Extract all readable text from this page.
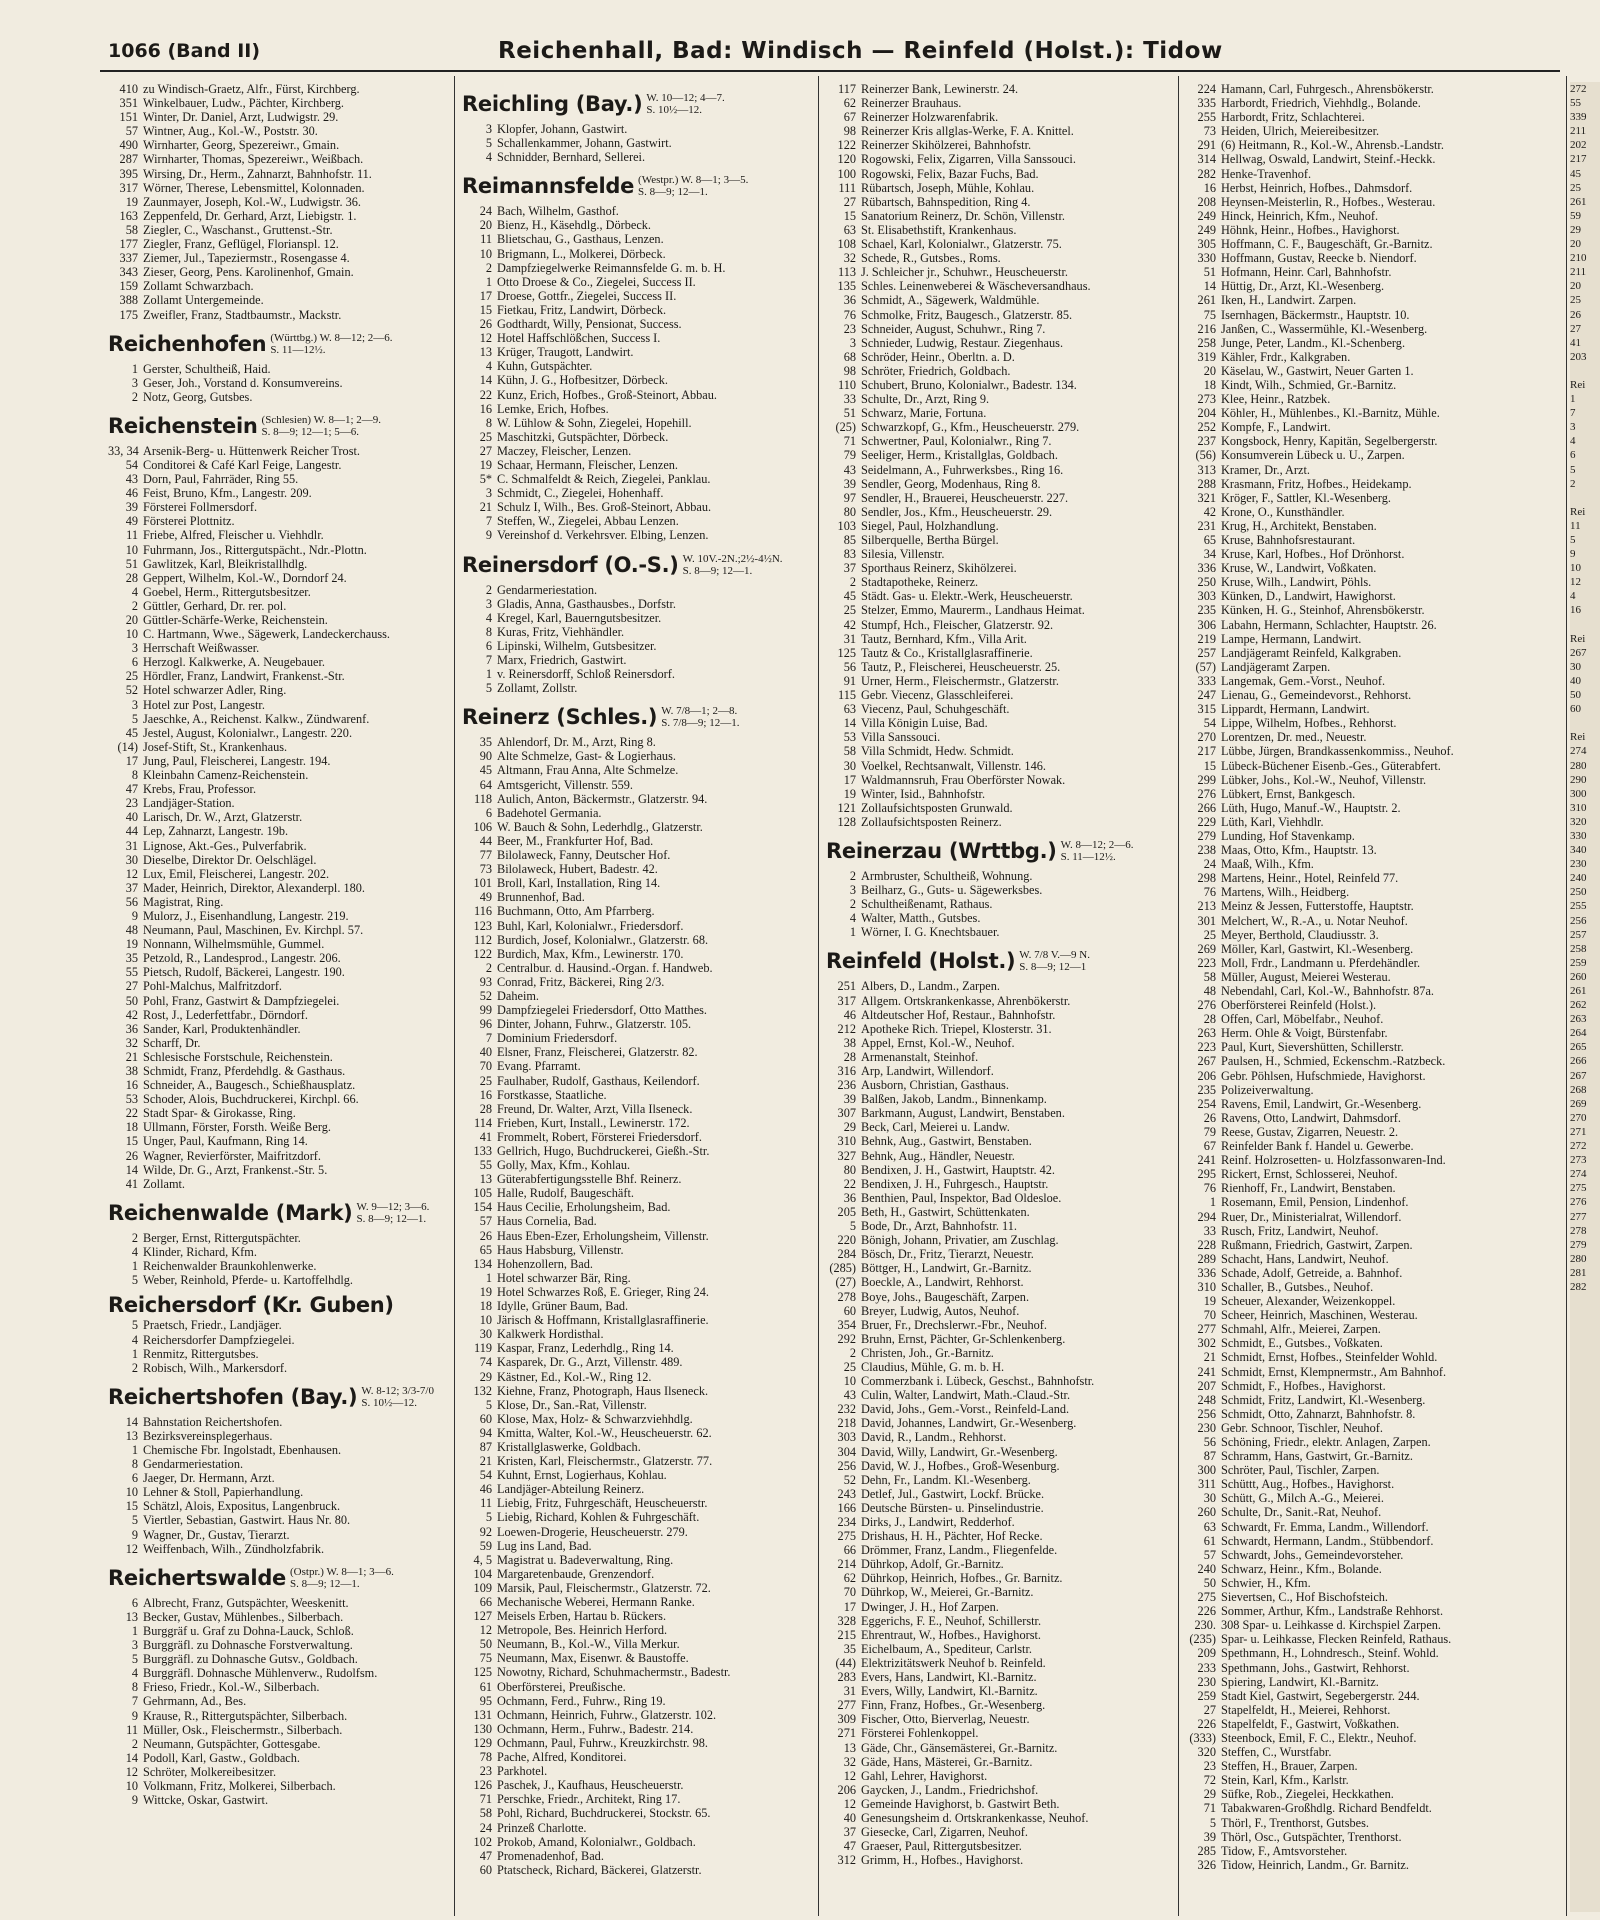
1066 (Band II)	Reichenhall, Bad: Windisch — Reinfeld (Holst.): Tidow
410 zu Windisch-Graetz, Alfr., Fürst, Kirchberg.
351 Winkelbauer, Ludw., Pächter, Kirchberg.
151 Winter, Dr. Daniel, Arzt, Ludwigstr. 29.
57 Wintner, Aug., Kol.-W., Poststr. 30.
490 Wirnharter, Georg, Spezereiwr., Gmain.
287 Wirnharter, Thomas, Spezereiwr., Weißbach.
395 Wirsing, Dr., Herm., Zahnarzt, Bahnhofstr. 11.
317 Wörner, Therese, Lebensmittel, Kolonnaden.
19 Zaunmayer, Joseph, Kol.-W., Ludwigstr. 36.
163 Zeppenfeld, Dr. Gerhard, Arzt, Liebigstr. 1.
58 Ziegler, C., Waschanst., Gruttenst.-Str.
177 Ziegler, Franz, Geflügel, Florianspl. 12.
337 Ziemer, Jul., Tapeziermstr., Rosengasse 4.
343 Zieser, Georg, Pens. Karolinenhof, Gmain.
159 Zollamt Schwarzbach.
388 Zollamt Untergemeinde.
175 Zweifler, Franz, Stadtbaumstr., Mackstr.
Reichenhofen (Württbg.) W. 8—12; 2—6.
S. 11—12½.
1 Gerster, Schultheiß, Haid.
3 Geser, Joh., Vorstand d. Konsumvereins.
2 Notz, Georg, Gutsbes.
Reichenstein (Schlesien) W. 8—1; 2—9.
S. 8—9; 12—1; 5—6.
33, 34 Arsenik-Berg- u. Hüttenwerk Reicher Trost.
54 Conditorei & Café Karl Feige, Langestr.
43 Dorn, Paul, Fahrräder, Ring 55.
46 Feist, Bruno, Kfm., Langestr. 209.
39 Försterei Follmersdorf.
49 Försterei Plottnitz.
11 Friebe, Alfred, Fleischer u. Viehhdlr.
10 Fuhrmann, Jos., Rittergutspächt., Ndr.-Plottn.
51 Gawlitzek, Karl, Bleikristallhdlg.
28 Geppert, Wilhelm, Kol.-W., Dorndorf 24.
4 Goebel, Herm., Rittergutsbesitzer.
2 Güttler, Gerhard, Dr. rer. pol.
20 Güttler-Schärfe-Werke, Reichenstein.
10 C. Hartmann, Wwe., Sägewerk, Landeckerchauss.
3 Herrschaft Weißwasser.
6 Herzogl. Kalkwerke, A. Neugebauer.
25 Hördler, Franz, Landwirt, Frankenst.-Str.
52 Hotel schwarzer Adler, Ring.
3 Hotel zur Post, Langestr.
5 Jaeschke, A., Reichenst. Kalkw., Zündwarenf.
45 Jestel, August, Kolonialwr., Langestr. 220.
(14) Josef-Stift, St., Krankenhaus.
17 Jung, Paul, Fleischerei, Langestr. 194.
8 Kleinbahn Camenz-Reichenstein.
47 Krebs, Frau, Professor.
23 Landjäger-Station.
40 Larisch, Dr. W., Arzt, Glatzerstr.
44 Lep, Zahnarzt, Langestr. 19b.
31 Lignose, Akt.-Ges., Pulverfabrik.
30 Dieselbe, Direktor Dr. Oelschlägel.
12 Lux, Emil, Fleischerei, Langestr. 202.
37 Mader, Heinrich, Direktor, Alexanderpl. 180.
56 Magistrat, Ring.
9 Mulorz, J., Eisenhandlung, Langestr. 219.
48 Neumann, Paul, Maschinen, Ev. Kirchpl. 57.
19 Nonnann, Wilhelmsmühle, Gummel.
35 Petzold, R., Landesprod., Langestr. 206.
55 Pietsch, Rudolf, Bäckerei, Langestr. 190.
27 Pohl-Malchus, Malfritzdorf.
50 Pohl, Franz, Gastwirt & Dampfziegelei.
42 Rost, J., Lederfettfabr., Dörndorf.
36 Sander, Karl, Produktenhändler.
32 Scharff, Dr.
21 Schlesische Forstschule, Reichenstein.
38 Schmidt, Franz, Pferdehdlg. & Gasthaus.
16 Schneider, A., Baugesch., Schießhausplatz.
53 Schoder, Alois, Buchdruckerei, Kirchpl. 66.
22 Stadt Spar- & Girokasse, Ring.
18 Ullmann, Förster, Forsth. Weiße Berg.
15 Unger, Paul, Kaufmann, Ring 14.
26 Wagner, Revierförster, Maifritzdorf.
14 Wilde, Dr. G., Arzt, Frankenst.-Str. 5.
41 Zollamt.
Reichenwalde (Mark) W. 9—12; 3—6.
S. 8—9; 12—1.
2 Berger, Ernst, Rittergutspächter.
4 Klinder, Richard, Kfm.
1 Reichenwalder Braunkohlenwerke.
5 Weber, Reinhold, Pferde- u. Kartoffelhdlg.
Reichersdorf (Kr. Guben)

5 Praetsch, Friedr., Landjäger.
4 Reichersdorfer Dampfziegelei.
1 Renmitz, Rittergutsbes.
2 Robisch, Wilh., Markersdorf.
Reichertshofen (Bay.) W. 8-12; 3/3-7/0
S. 10½—12.
14 Bahnstation Reichertshofen.
13 Bezirksvereinsplegerhaus.
1 Chemische Fbr. Ingolstadt, Ebenhausen.
8 Gendarmeriestation.
6 Jaeger, Dr. Hermann, Arzt.
10 Lehner & Stoll, Papierhandlung.
15 Schätzl, Alois, Expositus, Langenbruck.
5 Viertler, Sebastian, Gastwirt. Haus Nr. 80.
9 Wagner, Dr., Gustav, Tierarzt.
12 Weiffenbach, Wilh., Zündholzfabrik.
Reichertswalde (Ostpr.) W. 8—1; 3—6.
S. 8—9; 12—1.
6 Albrecht, Franz, Gutspächter, Weeskenitt.
13 Becker, Gustav, Mühlenbes., Silberbach.
1 Burggräf u. Graf zu Dohna-Lauck, Schloß.
3 Burggräfl. zu Dohnasche Forstverwaltung.
5 Burggräfl. zu Dohnasche Gutsv., Goldbach.
4 Burggräfl. Dohnasche Mühlenverw., Rudolfsm.
8 Frieso, Friedr., Kol.-W., Silberbach.
7 Gehrmann, Ad., Bes.
9 Krause, R., Rittergutspächter, Silberbach.
11 Müller, Osk., Fleischermstr., Silberbach.
2 Neumann, Gutspächter, Gottesgabe.
14 Podoll, Karl, Gastw., Goldbach.
12 Schröter, Molkereibesitzer.
10 Volkmann, Fritz, Molkerei, Silberbach.
9 Wittcke, Oskar, Gastwirt.
Reichling (Bay.) W. 10—12; 4—7.
S. 10½—12.
3 Klopfer, Johann, Gastwirt.
5 Schallenkammer, Johann, Gastwirt.
4 Schnidder, Bernhard, Sellerei.
Reimannsfelde (Westpr.) W. 8—1; 3—5.
S. 8—9; 12—1.
24 Bach, Wilhelm, Gasthof.
20 Bienz, H., Käsehdlg., Dörbeck.
11 Blietschau, G., Gasthaus, Lenzen.
10 Brigmann, L., Molkerei, Dörbeck.
2 Dampfziegelwerke Reimannsfelde G. m. b. H.
1 Otto Droese & Co., Ziegelei, Success II.
17 Droese, Gottfr., Ziegelei, Success II.
15 Fietkau, Fritz, Landwirt, Dörbeck.
26 Godthardt, Willy, Pensionat, Success.
12 Hotel Haffschlößchen, Success I.
13 Krüger, Traugott, Landwirt.
4 Kuhn, Gutspächter.
14 Kühn, J. G., Hofbesitzer, Dörbeck.
22 Kunz, Erich, Hofbes., Groß-Steinort, Abbau.
16 Lemke, Erich, Hofbes.
8 W. Lühlow & Sohn, Ziegelei, Hopehill.
25 Maschitzki, Gutspächter, Dörbeck.
27 Maczey, Fleischer, Lenzen.
19 Schaar, Hermann, Fleischer, Lenzen.
5* C. Schmalfeldt & Reich, Ziegelei, Panklau.
3 Schmidt, C., Ziegelei, Hohenhaff.
21 Schulz I, Wilh., Bes. Groß-Steinort, Abbau.
7 Steffen, W., Ziegelei, Abbau Lenzen.
9 Vereinshof d. Verkehrsver. Elbing, Lenzen.
Reinersdorf (O.-S.) W. 10V.-2N.;2½-4½N.
S. 8—9; 12—1.
2 Gendarmeriestation.
3 Gladis, Anna, Gasthausbes., Dorfstr.
4 Kregel, Karl, Bauerngutsbesitzer.
8 Kuras, Fritz, Viehhändler.
6 Lipinski, Wilhelm, Gutsbesitzer.
7 Marx, Friedrich, Gastwirt.
1 v. Reinersdorff, Schloß Reinersdorf.
5 Zollamt, Zollstr.
Reinerz (Schles.) W. 7/8—1; 2—8.
S. 7/8—9; 12—1.
35 Ahlendorf, Dr. M., Arzt, Ring 8.
90 Alte Schmelze, Gast- & Logierhaus.
45 Altmann, Frau Anna, Alte Schmelze.
64 Amtsgericht, Villenstr. 559.
118 Aulich, Anton, Bäckermstr., Glatzerstr. 94.
6 Badehotel Germania.
106 W. Bauch & Sohn, Lederhdlg., Glatzerstr.
44 Beer, M., Frankfurter Hof, Bad.
77 Bilolaweck, Fanny, Deutscher Hof.
73 Bilolaweck, Hubert, Badestr. 42.
101 Broll, Karl, Installation, Ring 14.
49 Brunnenhof, Bad.
116 Buchmann, Otto, Am Pfarrberg.
123 Buhl, Karl, Kolonialwr., Friedersdorf.
112 Burdich, Josef, Kolonialwr., Glatzerstr. 68.
122 Burdich, Max, Kfm., Lewinerstr. 170.
2 Centralbur. d. Hausind.-Organ. f. Handweb.
93 Conrad, Fritz, Bäckerei, Ring 2/3.
52 Daheim.
99 Dampfziegelei Friedersdorf, Otto Matthes.
96 Dinter, Johann, Fuhrw., Glatzerstr. 105.
7 Dominium Friedersdorf.
40 Elsner, Franz, Fleischerei, Glatzerstr. 82.
70 Evang. Pfarramt.
25 Faulhaber, Rudolf, Gasthaus, Keilendorf.
16 Forstkasse, Staatliche.
28 Freund, Dr. Walter, Arzt, Villa Ilseneck.
114 Frieben, Kurt, Install., Lewinerstr. 172.
41 Frommelt, Robert, Försterei Friedersdorf.
133 Gellrich, Hugo, Buchdruckerei, Gießh.-Str.
55 Golly, Max, Kfm., Kohlau.
13 Güterabfertigungsstelle Bhf. Reinerz.
105 Halle, Rudolf, Baugeschäft.
154 Haus Cecilie, Erholungsheim, Bad.
57 Haus Cornelia, Bad.
26 Haus Eben-Ezer, Erholungsheim, Villenstr.
65 Haus Habsburg, Villenstr.
134 Hohenzollern, Bad.
1 Hotel schwarzer Bär, Ring.
19 Hotel Schwarzes Roß, E. Grieger, Ring 24.
18 Idylle, Grüner Baum, Bad.
10 Järisch & Hoffmann, Kristallglasraffinerie.
30 Kalkwerk Hordisthal.
119 Kaspar, Franz, Lederhdlg., Ring 14.
74 Kasparek, Dr. G., Arzt, Villenstr. 489.
29 Kästner, Ed., Kol.-W., Ring 12.
132 Kiehne, Franz, Photograph, Haus Ilseneck.
5 Klose, Dr., San.-Rat, Villenstr.
60 Klose, Max, Holz- & Schwarzviehhdlg.
94 Kmitta, Walter, Kol.-W., Heuscheuerstr. 62.
87 Kristallglaswerke, Goldbach.
21 Kristen, Karl, Fleischermstr., Glatzerstr. 77.
54 Kuhnt, Ernst, Logierhaus, Kohlau.
46 Landjäger-Abteilung Reinerz.
11 Liebig, Fritz, Fuhrgeschäft, Heuscheuerstr.
5 Liebig, Richard, Kohlen & Fuhrgeschäft.
92 Loewen-Drogerie, Heuscheuerstr. 279.
59 Lug ins Land, Bad.
4, 5 Magistrat u. Badeverwaltung, Ring.
104 Margaretenbaude, Grenzendorf.
109 Marsik, Paul, Fleischermstr., Glatzerstr. 72.
66 Mechanische Weberei, Hermann Ranke.
127 Meisels Erben, Hartau b. Rückers.
12 Metropole, Bes. Heinrich Herford.
50 Neumann, B., Kol.-W., Villa Merkur.
75 Neumann, Max, Eisenwr. & Baustoffe.
125 Nowotny, Richard, Schuhmachermstr., Badestr.
61 Oberförsterei, Preußische.
95 Ochmann, Ferd., Fuhrw., Ring 19.
131 Ochmann, Heinrich, Fuhrw., Glatzerstr. 102.
130 Ochmann, Herm., Fuhrw., Badestr. 214.
129 Ochmann, Paul, Fuhrw., Kreuzkirchstr. 98.
78 Pache, Alfred, Konditorei.
23 Parkhotel.
126 Paschek, J., Kaufhaus, Heuscheuerstr.
71 Perschke, Friedr., Architekt, Ring 17.
58 Pohl, Richard, Buchdruckerei, Stockstr. 65.
24 Prinzeß Charlotte.
102 Prokob, Amand, Kolonialwr., Goldbach.
47 Promenadenhof, Bad.
60 Ptatscheck, Richard, Bäckerei, Glatzerstr.
117 Reinerzer Bank, Lewinerstr. 24.
62 Reinerzer Brauhaus.
67 Reinerzer Holzwarenfabrik.
98 Reinerzer Kris allglas-Werke, F. A. Knittel.
122 Reinerzer Skihölzerei, Bahnhofstr.
120 Rogowski, Felix, Zigarren, Villa Sanssouci.
100 Rogowski, Felix, Bazar Fuchs, Bad.
111 Rübartsch, Joseph, Mühle, Kohlau.
27 Rübartsch, Bahnspedition, Ring 4.
15 Sanatorium Reinerz, Dr. Schön, Villenstr.
63 St. Elisabethstift, Krankenhaus.
108 Schael, Karl, Kolonialwr., Glatzerstr. 75.
32 Schede, R., Gutsbes., Roms.
113 J. Schleicher jr., Schuhwr., Heuscheuerstr.
135 Schles. Leinenweberei & Wäscheversandhaus.
36 Schmidt, A., Sägewerk, Waldmühle.
76 Schmolke, Fritz, Baugesch., Glatzerstr. 85.
23 Schneider, August, Schuhwr., Ring 7.
3 Schnieder, Ludwig, Restaur. Ziegenhaus.
68 Schröder, Heinr., Oberltn. a. D.
98 Schröter, Friedrich, Goldbach.
110 Schubert, Bruno, Kolonialwr., Badestr. 134.
33 Schulte, Dr., Arzt, Ring 9.
51 Schwarz, Marie, Fortuna.
(25) Schwarzkopf, G., Kfm., Heuscheuerstr. 279.
71 Schwertner, Paul, Kolonialwr., Ring 7.
79 Seeliger, Herm., Kristallglas, Goldbach.
43 Seidelmann, A., Fuhrwerksbes., Ring 16.
39 Sendler, Georg, Modenhaus, Ring 8.
97 Sendler, H., Brauerei, Heuscheuerstr. 227.
80 Sendler, Jos., Kfm., Heuscheuerstr. 29.
103 Siegel, Paul, Holzhandlung.
85 Silberquelle, Bertha Bürgel.
83 Silesia, Villenstr.
37 Sporthaus Reinerz, Skihölzerei.
2 Stadtapotheke, Reinerz.
45 Städt. Gas- u. Elektr.-Werk, Heuscheuerstr.
25 Stelzer, Emmo, Maurerm., Landhaus Heimat.
42 Stumpf, Hch., Fleischer, Glatzerstr. 92.
31 Tautz, Bernhard, Kfm., Villa Arit.
125 Tautz & Co., Kristallglasraffinerie.
56 Tautz, P., Fleischerei, Heuscheuerstr. 25.
91 Urner, Herm., Fleischermstr., Glatzerstr.
115 Gebr. Viecenz, Glasschleiferei.
63 Viecenz, Paul, Schuhgeschäft.
14 Villa Königin Luise, Bad.
53 Villa Sanssouci.
58 Villa Schmidt, Hedw. Schmidt.
30 Voelkel, Rechtsanwalt, Villenstr. 146.
17 Waldmannsruh, Frau Oberförster Nowak.
19 Winter, Isid., Bahnhofstr.
121 Zollaufsichtsposten Grunwald.
128 Zollaufsichtsposten Reinerz.
Reinerzau (Wrttbg.) W. 8—12; 2—6.
S. 11—12½.
2 Armbruster, Schultheiß, Wohnung.
3 Beilharz, G., Guts- u. Sägewerksbes.
2 Schultheißenamt, Rathaus.
4 Walter, Matth., Gutsbes.
1 Wörner, I. G. Knechtsbauer.
Reinfeld (Holst.) W. 7/8 V.—9 N.
S. 8—9; 12—1
251 Albers, D., Landm., Zarpen.
317 Allgem. Ortskrankenkasse, Ahrenbökerstr.
46 Altdeutscher Hof, Restaur., Bahnhofstr.
212 Apotheke Rich. Triepel, Klosterstr. 31.
38 Appel, Ernst, Kol.-W., Neuhof.
28 Armenanstalt, Steinhof.
316 Arp, Landwirt, Willendorf.
236 Ausborn, Christian, Gasthaus.
39 Balßen, Jakob, Landm., Binnenkamp.
307 Barkmann, August, Landwirt, Benstaben.
29 Beck, Carl, Meierei u. Landw.
310 Behnk, Aug., Gastwirt, Benstaben.
327 Behnk, Aug., Händler, Neuestr.
80 Bendixen, J. H., Gastwirt, Hauptstr. 42.
22 Bendixen, J. H., Fuhrgesch., Hauptstr.
36 Benthien, Paul, Inspektor, Bad Oldesloe.
205 Beth, H., Gastwirt, Schüttenkaten.
5 Bode, Dr., Arzt, Bahnhofstr. 11.
220 Bönigh, Johann, Privatier, am Zuschlag.
284 Bösch, Dr., Fritz, Tierarzt, Neuestr.
(285) Böttger, H., Landwirt, Gr.-Barnitz.
(27) Boeckle, A., Landwirt, Rehhorst.
278 Boye, Johs., Baugeschäft, Zarpen.
60 Breyer, Ludwig, Autos, Neuhof.
354 Bruer, Fr., Drechslerwr.-Fbr., Neuhof.
292 Bruhn, Ernst, Pächter, Gr-Schlenkenberg.
2 Christen, Joh., Gr.-Barnitz.
25 Claudius, Mühle, G. m. b. H.
10 Commerzbank i. Lübeck, Geschst., Bahnhofstr.
43 Culin, Walter, Landwirt, Math.-Claud.-Str.
232 David, Johs., Gem.-Vorst., Reinfeld-Land.
218 David, Johannes, Landwirt, Gr.-Wesenberg.
303 David, R., Landm., Rehhorst.
304 David, Willy, Landwirt, Gr.-Wesenberg.
256 David, W. J., Hofbes., Groß-Wesenburg.
52 Dehn, Fr., Landm. Kl.-Wesenberg.
243 Detlef, Jul., Gastwirt, Lockf. Brücke.
166 Deutsche Bürsten- u. Pinselindustrie.
234 Dirks, J., Landwirt, Redderhof.
275 Drishaus, H. H., Pächter, Hof Recke.
66 Drömmer, Franz, Landm., Fliegenfelde.
214 Dührkop, Adolf, Gr.-Barnitz.
62 Dührkop, Heinrich, Hofbes., Gr. Barnitz.
70 Dührkop, W., Meierei, Gr.-Barnitz.
17 Dwinger, J. H., Hof Zarpen.
328 Eggerichs, F. E., Neuhof, Schillerstr.
215 Ehrentraut, W., Hofbes., Havighorst.
35 Eichelbaum, A., Spediteur, Carlstr.
(44) Elektrizitätswerk Neuhof b. Reinfeld.
283 Evers, Hans, Landwirt, Kl.-Barnitz.
31 Evers, Willy, Landwirt, Kl.-Barnitz.
277 Finn, Franz, Hofbes., Gr.-Wesenberg.
309 Fischer, Otto, Bierverlag, Neuestr.
271 Försterei Fohlenkoppel.
13 Gäde, Chr., Gänsemästerei, Gr.-Barnitz.
32 Gäde, Hans, Mästerei, Gr.-Barnitz.
12 Gahl, Lehrer, Havighorst.
206 Gaycken, J., Landm., Friedrichshof.
12 Gemeinde Havighorst, b. Gastwirt Beth.
40 Genesungsheim d. Ortskrankenkasse, Neuhof.
37 Giesecke, Carl, Zigarren, Neuhof.
47 Graeser, Paul, Rittergutsbesitzer.
312 Grimm, H., Hofbes., Havighorst.
224 Hamann, Carl, Fuhrgesch., Ahrensbökerstr.
335 Harbordt, Friedrich, Viehhdlg., Bolande.
255 Harbordt, Fritz, Schlachterei.
73 Heiden, Ulrich, Meiereibesitzer.
291 (6) Heitmann, R., Kol.-W., Ahrensb.-Landstr.
314 Hellwag, Oswald, Landwirt, Steinf.-Heckk.
282 Henke-Travenhof.
16 Herbst, Heinrich, Hofbes., Dahmsdorf.
208 Heynsen-Meisterlin, R., Hofbes., Westerau.
249 Hinck, Heinrich, Kfm., Neuhof.
249 Höhnk, Heinr., Hofbes., Havighorst.
305 Hoffmann, C. F., Baugeschäft, Gr.-Barnitz.
330 Hoffmann, Gustav, Reecke b. Niendorf.
51 Hofmann, Heinr. Carl, Bahnhofstr.
14 Hüttig, Dr., Arzt, Kl.-Wesenberg.
261 Iken, H., Landwirt. Zarpen.
75 Isernhagen, Bäckermstr., Hauptstr. 10.
216 Janßen, C., Wassermühle, Kl.-Wesenberg.
258 Junge, Peter, Landm., Kl.-Schenberg.
319 Kähler, Frdr., Kalkgraben.
20 Käselau, W., Gastwirt, Neuer Garten 1.
18 Kindt, Wilh., Schmied, Gr.-Barnitz.
273 Klee, Heinr., Ratzbek.
204 Köhler, H., Mühlenbes., Kl.-Barnitz, Mühle.
252 Kompfe, F., Landwirt.
237 Kongsbock, Henry, Kapitän, Segelbergerstr.
(56) Konsumverein Lübeck u. U., Zarpen.
313 Kramer, Dr., Arzt.
288 Krasmann, Fritz, Hofbes., Heidekamp.
321 Kröger, F., Sattler, Kl.-Wesenberg.
42 Krone, O., Kunsthändler.
231 Krug, H., Architekt, Benstaben.
65 Kruse, Bahnhofsrestaurant.
34 Kruse, Karl, Hofbes., Hof Drönhorst.
336 Kruse, W., Landwirt, Voßkaten.
250 Kruse, Wilh., Landwirt, Pöhls.
303 Künken, D., Landwirt, Hawighorst.
235 Künken, H. G., Steinhof, Ahrensbökerstr.
306 Labahn, Hermann, Schlachter, Hauptstr. 26.
219 Lampe, Hermann, Landwirt.
257 Landjägeramt Reinfeld, Kalkgraben.
(57) Landjägeramt Zarpen.
333 Langemak, Gem.-Vorst., Neuhof.
247 Lienau, G., Gemeindevorst., Rehhorst.
315 Lippardt, Hermann, Landwirt.
54 Lippe, Wilhelm, Hofbes., Rehhorst.
270 Lorentzen, Dr. med., Neuestr.
217 Lübbe, Jürgen, Brandkassenkommiss., Neuhof.
15 Lübeck-Büchener Eisenb.-Ges., Güterabfert.
299 Lübker, Johs., Kol.-W., Neuhof, Villenstr.
276 Lübkert, Ernst, Bankgesch.
266 Lüth, Hugo, Manuf.-W., Hauptstr. 2.
229 Lüth, Karl, Viehhdlr.
279 Lunding, Hof Stavenkamp.
238 Maas, Otto, Kfm., Hauptstr. 13.
24 Maaß, Wilh., Kfm.
298 Martens, Heinr., Hotel, Reinfeld 77.
76 Martens, Wilh., Heidberg.
213 Meinz & Jessen, Futterstoffe, Hauptstr.
301 Melchert, W., R.-A., u. Notar Neuhof.
25 Meyer, Berthold, Claudiusstr. 3.
269 Möller, Karl, Gastwirt, Kl.-Wesenberg.
223 Moll, Frdr., Landmann u. Pferdehändler.
58 Müller, August, Meierei Westerau.
48 Nebendahl, Carl, Kol.-W., Bahnhofstr. 87a.
276 Oberförsterei Reinfeld (Holst.).
28 Offen, Carl, Möbelfabr., Neuhof.
263 Herm. Ohle & Voigt, Bürstenfabr.
223 Paul, Kurt, Sievershütten, Schillerstr.
267 Paulsen, H., Schmied, Eckenschm.-Ratzbeck.
206 Gebr. Pöhlsen, Hufschmiede, Havighorst.
235 Polizeiverwaltung.
254 Ravens, Emil, Landwirt, Gr.-Wesenberg.
26 Ravens, Otto, Landwirt, Dahmsdorf.
79 Reese, Gustav, Zigarren, Neuestr. 2.
67 Reinfelder Bank f. Handel u. Gewerbe.
241 Reinf. Holzrosetten- u. Holzfassonwaren-Ind.
295 Rickert, Ernst, Schlosserei, Neuhof.
76 Rienhoff, Fr., Landwirt, Benstaben.
1 Rosemann, Emil, Pension, Lindenhof.
294 Ruer, Dr., Ministerialrat, Willendorf.
33 Rusch, Fritz, Landwirt, Neuhof.
228 Rußmann, Friedrich, Gastwirt, Zarpen.
289 Schacht, Hans, Landwirt, Neuhof.
336 Schade, Adolf, Getreide, a. Bahnhof.
310 Schaller, B., Gutsbes., Neuhof.
19 Scheuer, Alexander, Weizenkoppel.
70 Scheer, Heinrich, Maschinen, Westerau.
277 Schmahl, Alfr., Meierei, Zarpen.
302 Schmidt, E., Gutsbes., Voßkaten.
21 Schmidt, Ernst, Hofbes., Steinfelder Wohld.
241 Schmidt, Ernst, Klempnermstr., Am Bahnhof.
207 Schmidt, F., Hofbes., Havighorst.
248 Schmidt, Fritz, Landwirt, Kl.-Wesenberg.
256 Schmidt, Otto, Zahnarzt, Bahnhofstr. 8.
230 Gebr. Schnoor, Tischler, Neuhof.
56 Schöning, Friedr., elektr. Anlagen, Zarpen.
87 Schramm, Hans, Gastwirt, Gr.-Barnitz.
300 Schröter, Paul, Tischler, Zarpen.
311 Schüttt, Aug., Hofbes., Havighorst.
30 Schütt, G., Milch A.-G., Meierei.
260 Schulte, Dr., Sanit.-Rat, Neuhof.
63 Schwardt, Fr. Emma, Landm., Willendorf.
61 Schwardt, Hermann, Landm., Stübbendorf.
57 Schwardt, Johs., Gemeindevorsteher.
240 Schwarz, Heinr., Kfm., Bolande.
50 Schwier, H., Kfm.
275 Sievertsen, C., Hof Bischofsteich.
226 Sommer, Arthur, Kfm., Landstraße Rehhorst.
230. 308 Spar- u. Leihkasse d. Kirchspiel Zarpen.
(235) Spar- u. Leihkasse, Flecken Reinfeld, Rathaus.
209 Spethmann, H., Lohndresch., Steinf. Wohld.
233 Spethmann, Johs., Gastwirt, Rehhorst.
230 Spiering, Landwirt, Kl.-Barnitz.
259 Stadt Kiel, Gastwirt, Segebergerstr. 244.
27 Stapelfeldt, H., Meierei, Rehhorst.
226 Stapelfeldt, F., Gastwirt, Voßkathen.
(333) Steenbock, Emil, F. C., Elektr., Neuhof.
320 Steffen, C., Wurstfabr.
23 Steffen, H., Brauer, Zarpen.
72 Stein, Karl, Kfm., Karlstr.
29 Süfke, Rob., Ziegelei, Heckkathen.
71 Tabakwaren-Großhdlg. Richard Bendfeldt.
5 Thörl, F., Trenthorst, Gutsbes.
39 Thörl, Osc., Gutspächter, Trenthorst.
285 Tidow, F., Amtsvorsteher.
326 Tidow, Heinrich, Landm., Gr. Barnitz.
272
55
339
211
202
217
45
25
261
59
29
20
210
211
20
25
26
27
41
203
Rei
1
7
3
4
6
5
2
Rei
11
5
9
10
12
4
16
Rei
267
30
40
50
60
Rei
274
280
290
300
310
320
330
340
230
240
250
255
256
257
258
259
260
261
262
263
264
265
266
267
268
269
270
271
272
273
274
275
276
277
278
279
280
281
282
